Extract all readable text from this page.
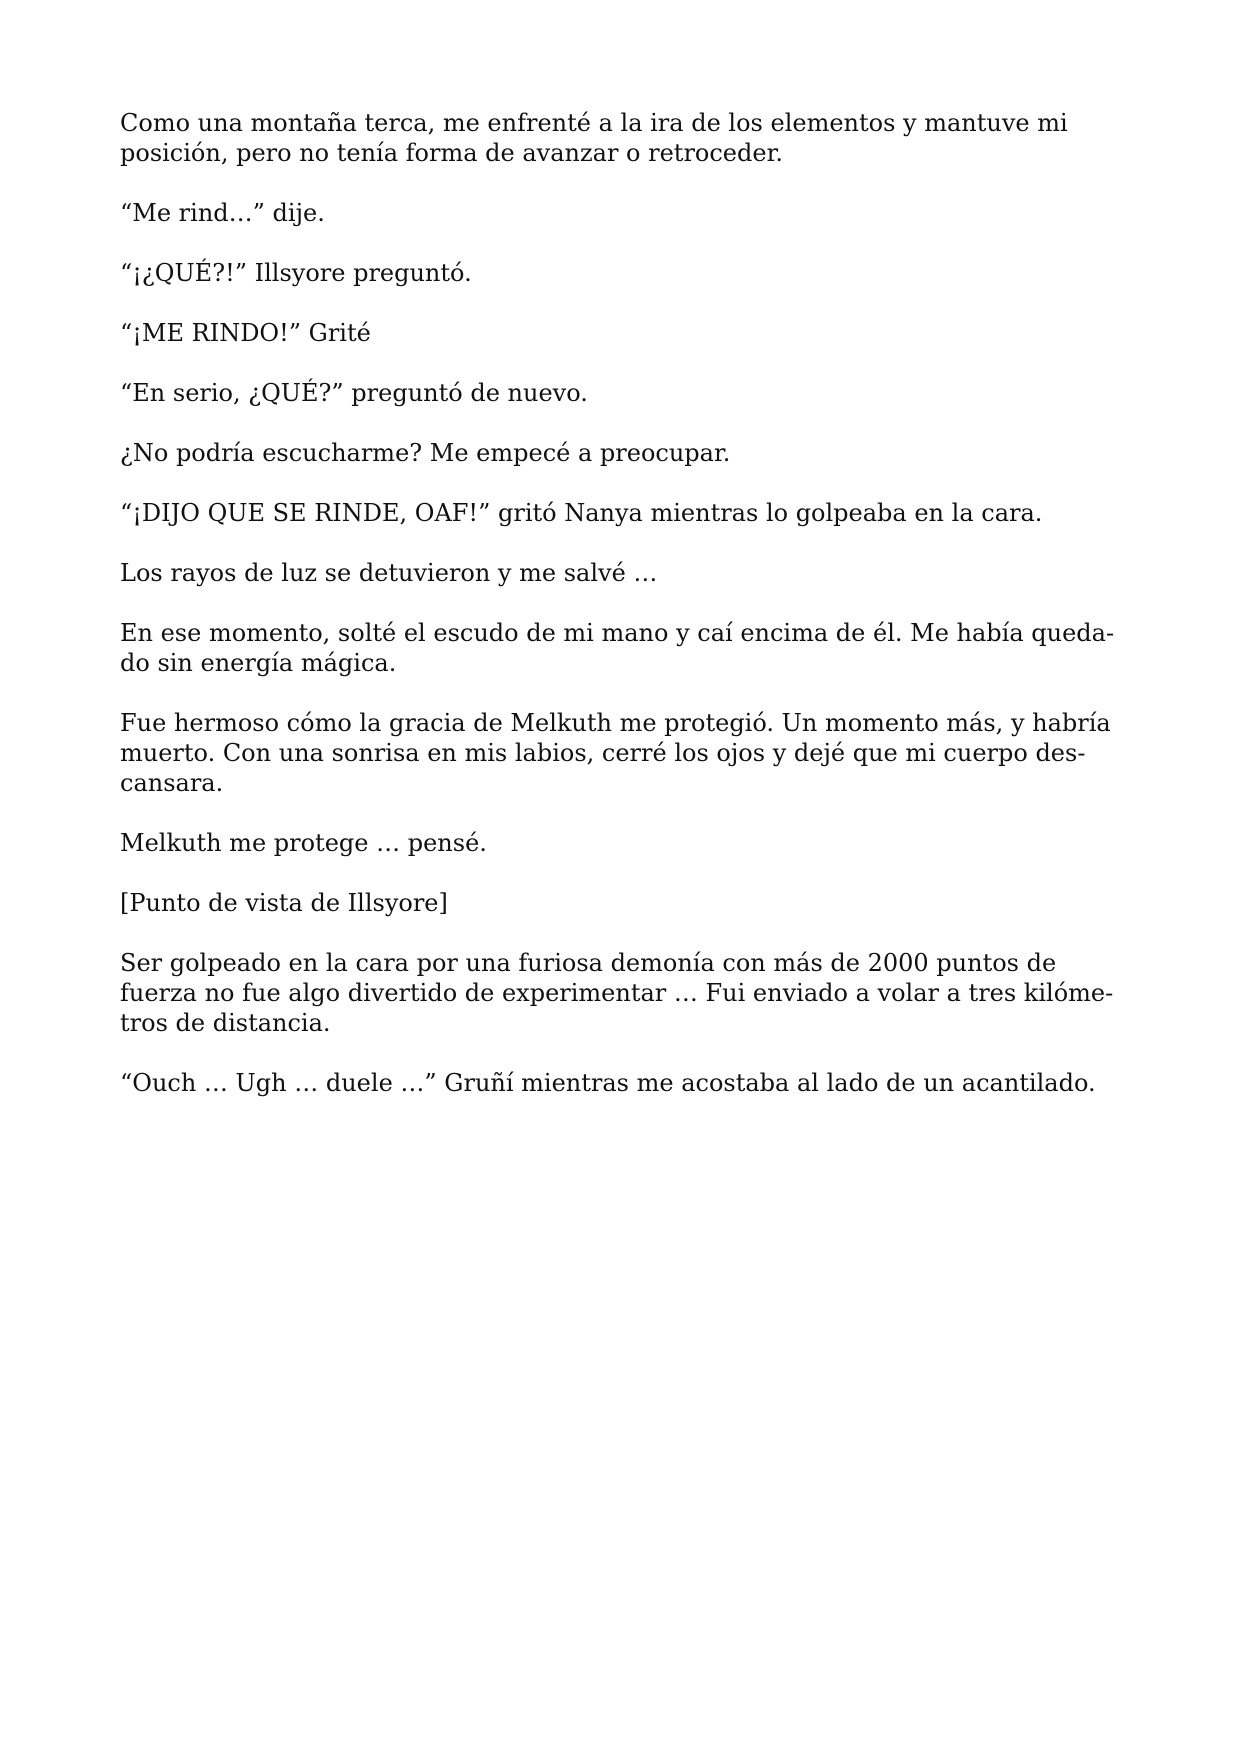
Como una montaña terca, me enfrenté a la ira de los elementos y mantuve mi
posición, pero no tenía forma de avanzar o retroceder.

“Me rind…” dije.

“¡¿QUÉ?!” Illsyore preguntó.

“¡ME RINDO!” Grité

“En serio, ¿QUÉ?” preguntó de nuevo.

¿No podría escucharme? Me empecé a preocupar.

“¡DIJO QUE SE RINDE, OAF!” gritó Nanya mientras lo golpeaba en la cara.

Los rayos de luz se detuvieron y me salvé …

En ese momento, solté el escudo de mi mano y caí encima de él. Me había queda-
do sin energía mágica.

Fue hermoso cómo la gracia de Melkuth me protegió. Un momento más, y habría
muerto. Con una sonrisa en mis labios, cerré los ojos y dejé que mi cuerpo des-
cansara.

Melkuth me protege … pensé.

[Punto de vista de Illsyore]

Ser golpeado en la cara por una furiosa demonía con más de 2000 puntos de
fuerza no fue algo divertido de experimentar … Fui enviado a volar a tres kilóme-
tros de distancia.

“Ouch … Ugh … duele …” Gruñí mientras me acostaba al lado de un acantilado.
